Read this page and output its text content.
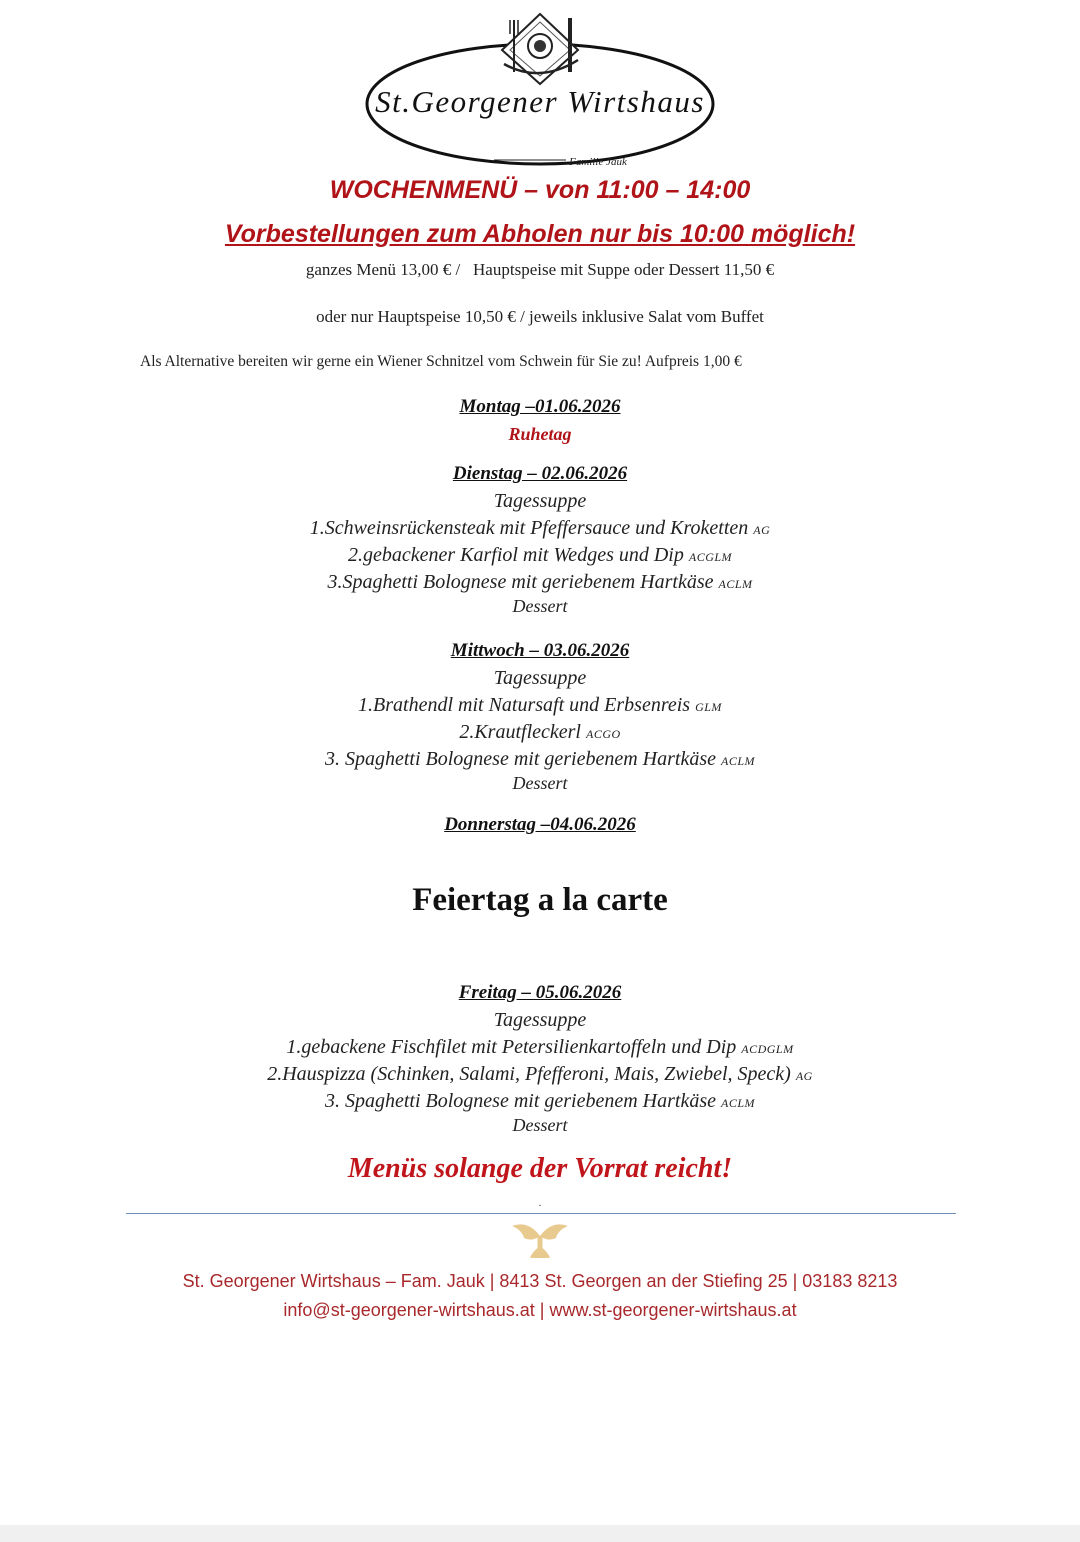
St.Georgener Wirtshaus
Familie Jauk
WOCHENMENÜ – von 11:00 – 14:00
Vorbestellungen zum Abholen nur bis 10:00 möglich!
ganzes Menü 13,00 € /   Hauptspeise mit Suppe oder Dessert 11,50 €
oder nur Hauptspeise 10,50 € / jeweils inklusive Salat vom Buffet
Als Alternative bereiten wir gerne ein Wiener Schnitzel vom Schwein für Sie zu! Aufpreis 1,00 €
Montag –01.06.2026
Ruhetag
Dienstag – 02.06.2026
Tagessuppe
1.Schweinsrückensteak mit Pfeffersauce und Kroketten AG
2.gebackener Karfiol mit Wedges und Dip ACGLM
3.Spaghetti Bolognese mit geriebenem Hartkäse ACLM
Dessert
Mittwoch – 03.06.2026
Tagessuppe
1.Brathendl mit Natursaft und Erbsenreis GLM
2.Krautfleckerl ACGO
3. Spaghetti Bolognese mit geriebenem Hartkäse ACLM
Dessert
Donnerstag –04.06.2026
Feiertag a la carte
Freitag – 05.06.2026
Tagessuppe
1.gebackene Fischfilet mit Petersilienkartoffeln und Dip ACDGLM
2.Hauspizza (Schinken, Salami, Pfefferoni, Mais, Zwiebel, Speck) AG
3. Spaghetti Bolognese mit geriebenem Hartkäse ACLM
Dessert
Menüs solange der Vorrat reicht!
.
St. Georgener Wirtshaus – Fam. Jauk | 8413 St. Georgen an der Stiefing 25 | 03183 8213
info@st-georgener-wirtshaus.at | www.st-georgener-wirtshaus.at
